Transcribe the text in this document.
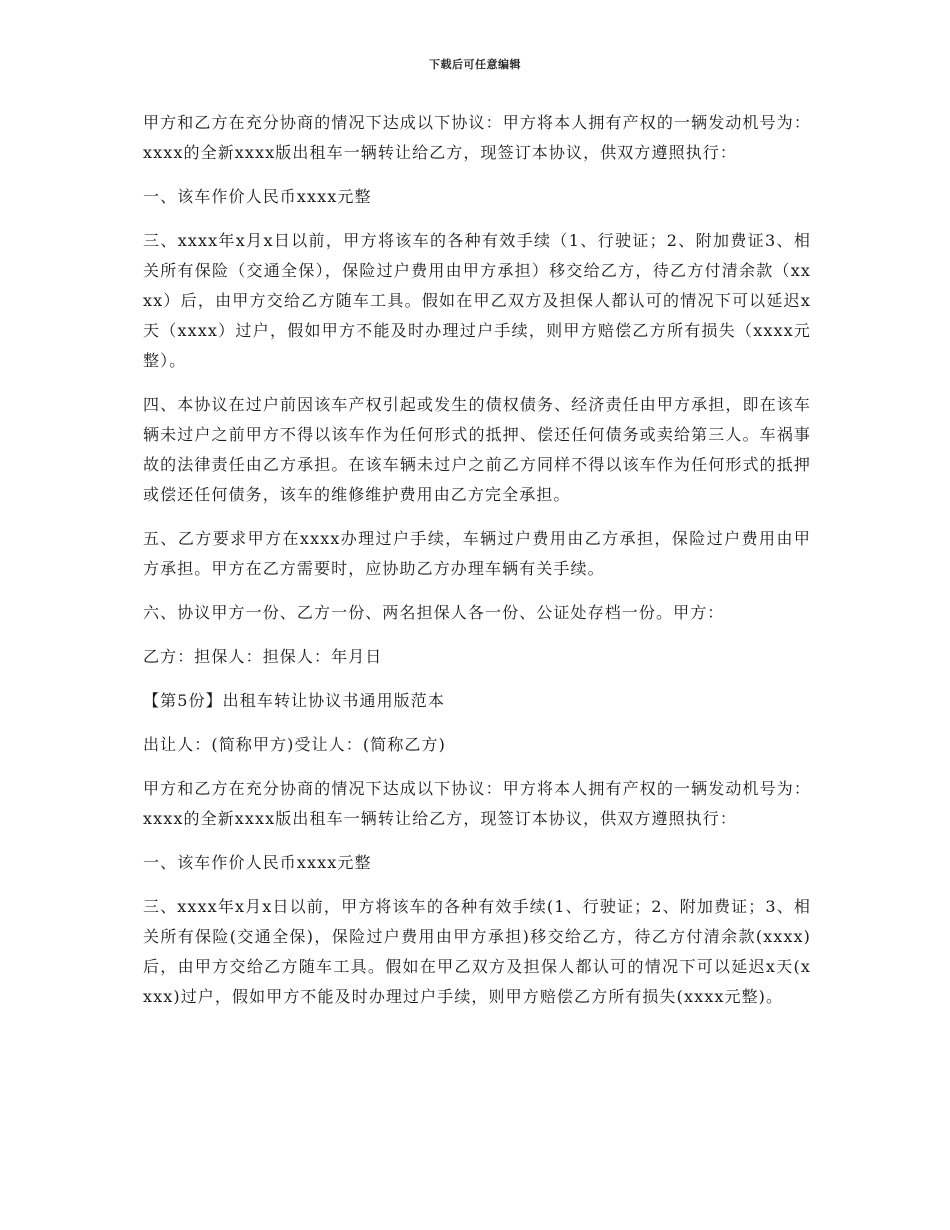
下载后可任意编辑

甲方和乙方在充分协商的情况下达成以下协议：甲方将本人拥有产权的一辆发动机号为：xxxx的全新xxxx版出租车一辆转让给乙方，现签订本协议，供双方遵照执行：

一、该车作价人民币xxxx元整

三、xxxx年x月x日以前，甲方将该车的各种有效手续（1、行驶证；2、附加费证3、相关所有保险（交通全保），保险过户费用由甲方承担）移交给乙方，待乙方付清余款（xxxx）后，由甲方交给乙方随车工具。假如在甲乙双方及担保人都认可的情况下可以延迟x天（xxxx）过户，假如甲方不能及时办理过户手续，则甲方赔偿乙方所有损失（xxxx元整）。

四、本协议在过户前因该车产权引起或发生的债权债务、经济责任由甲方承担，即在该车辆未过户之前甲方不得以该车作为任何形式的抵押、偿还任何债务或卖给第三人。车祸事故的法律责任由乙方承担。在该车辆未过户之前乙方同样不得以该车作为任何形式的抵押或偿还任何债务，该车的维修维护费用由乙方完全承担。

五、乙方要求甲方在xxxx办理过户手续，车辆过户费用由乙方承担，保险过户费用由甲方承担。甲方在乙方需要时，应协助乙方办理车辆有关手续。

六、协议甲方一份、乙方一份、两名担保人各一份、公证处存档一份。甲方：

乙方：担保人：担保人：年月日

【第5份】出租车转让协议书通用版范本

出让人：(简称甲方)受让人：(简称乙方)

甲方和乙方在充分协商的情况下达成以下协议：甲方将本人拥有产权的一辆发动机号为：xxxx的全新xxxx版出租车一辆转让给乙方，现签订本协议，供双方遵照执行：

一、该车作价人民币xxxx元整

三、xxxx年x月x日以前，甲方将该车的各种有效手续(1、行驶证；2、附加费证；3、相关所有保险(交通全保)，保险过户费用由甲方承担)移交给乙方，待乙方付清余款(xxxx)后，由甲方交给乙方随车工具。假如在甲乙双方及担保人都认可的情况下可以延迟x天(xxxx)过户，假如甲方不能及时办理过户手续，则甲方赔偿乙方所有损失(xxxx元整)。
